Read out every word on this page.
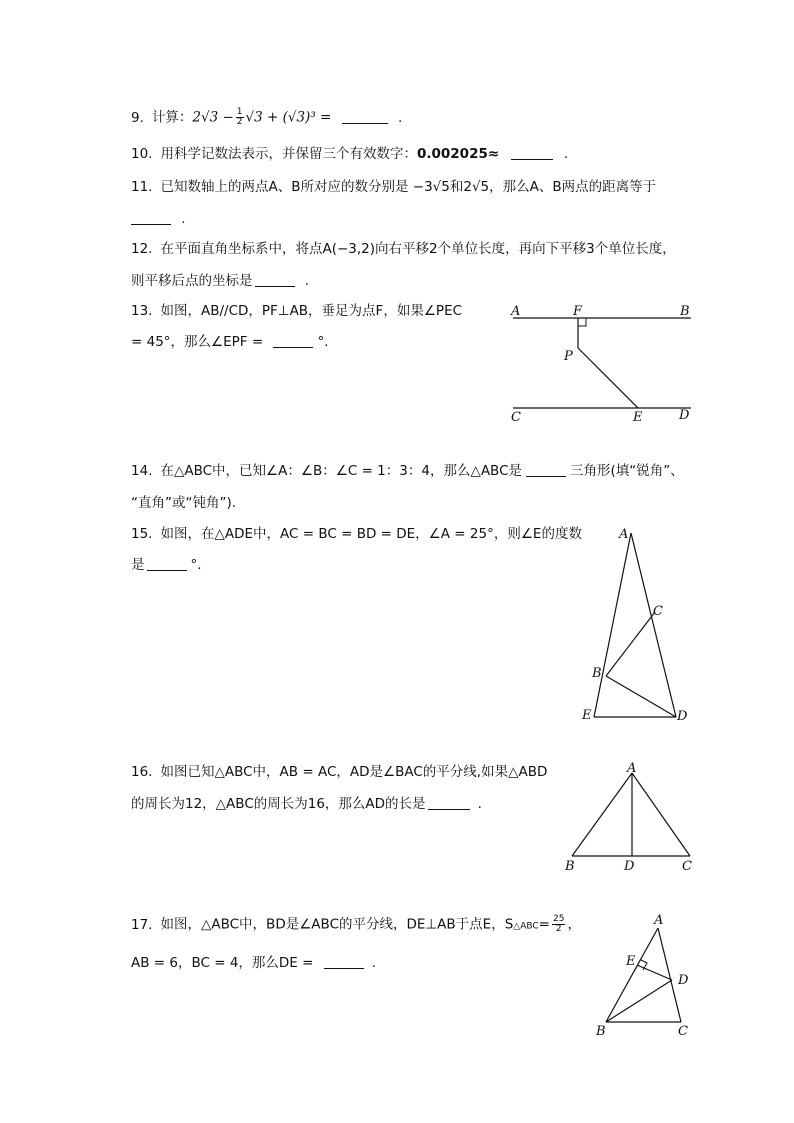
9. 计算：$2√3 - \frac{1}{2} √3 + (√3)^3$ =	.
10. 用科学记数法表示，并保留三个有效数字：0.002025≈	.
11. 已知数轴上的两点A、B所对应的数分别是 −3√5和2√5，那么A、B两点的距离等于
.
12. 在平面直角坐标系中，将点A(−3,2)向右平移2个单位长度，再向下平移3个单位长度，
则平移后点的坐标是	.
13. 如图，AB//CD，PF⊥AB，垂足为点F，如果∠PEC
= 45°，那么∠EPF =	°.
A	F	B
P
C	E	D
14. 在△ABC中，已知∠A：∠B：∠C = 1：3：4，那么△ABC是	三角形(填“锐角”、
“直角”或“钝角”).
15. 如图，在△ADE中，AC = BC = BD = DE，∠A = 25°，则∠E的度数
是	°.
A
C
B
E	D
16. 如图已知△ABC中，AB = AC，AD是∠BAC的平分线,如果△ABD
的周长为12，△ABC的周长为16，那么AD的长是	.
A
B	D	C
17. 如图，△ABC中，BD是∠ABC的平分线，DE⊥AB于点E，S△ABC= $\frac{25}{2}$ ，
AB = 6，BC = 4，那么DE =	.
A
E
D
B	C
